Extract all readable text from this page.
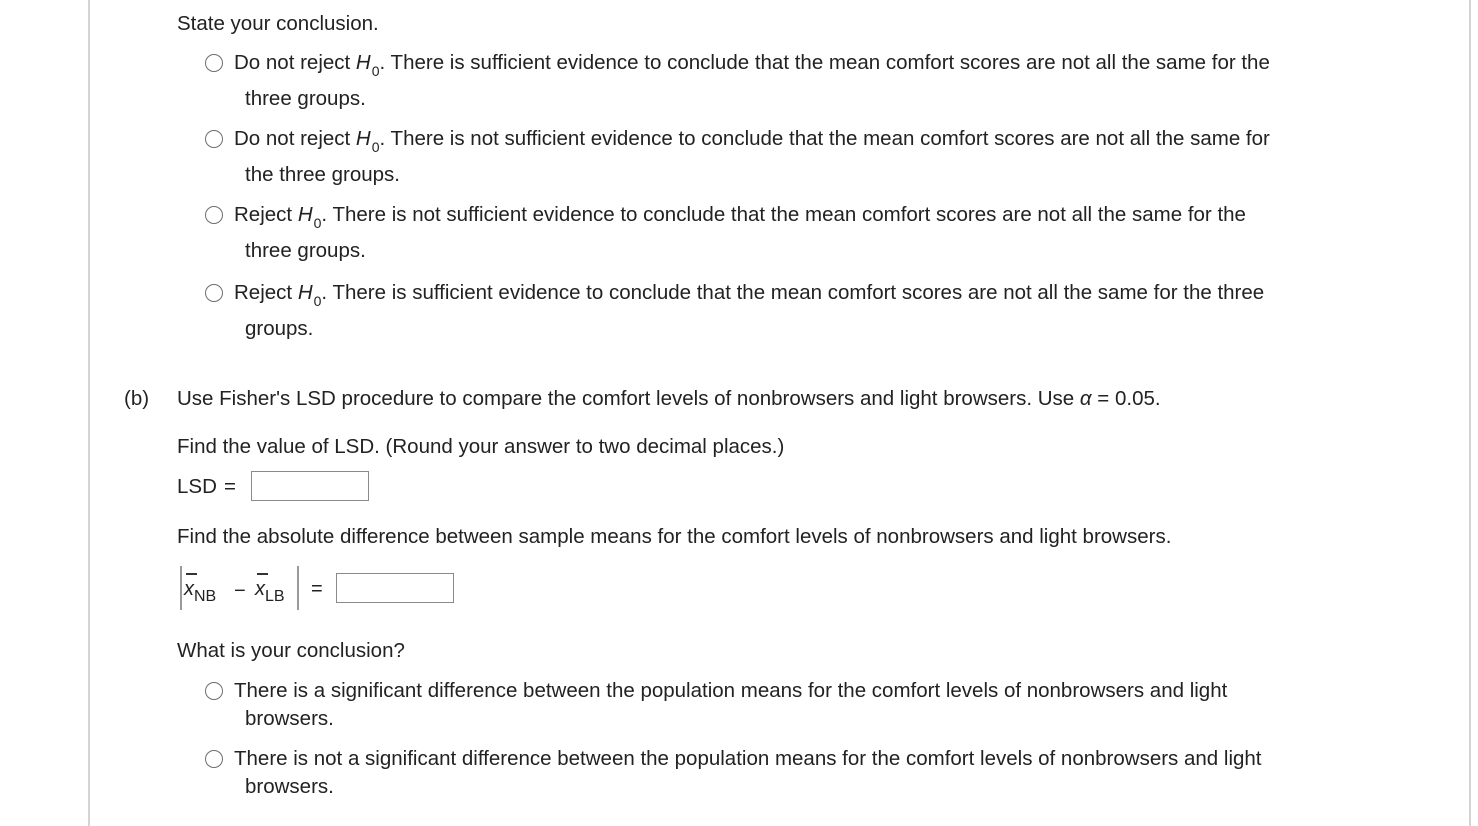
State your conclusion.
Do not reject $H_0$. There is sufficient evidence to conclude that the mean comfort scores are not all the same for the
three groups.
Do not reject $H_0$. There is not sufficient evidence to conclude that the mean comfort scores are not all the same for
the three groups.
Reject $H_0$. There is not sufficient evidence to conclude that the mean comfort scores are not all the same for the
three groups.
Reject $H_0$. There is sufficient evidence to conclude that the mean comfort scores are not all the same for the three
groups.
(b) Use Fisher's LSD procedure to compare the comfort levels of nonbrowsers and light browsers. Use α = 0.05.
Find the value of LSD. (Round your answer to two decimal places.)
LSD =
Find the absolute difference between sample means for the comfort levels of nonbrowsers and light browsers.
$x_{NB} - x_{LB}$ =
What is your conclusion?
There is a significant difference between the population means for the comfort levels of nonbrowsers and light
browsers.
There is not a significant difference between the population means for the comfort levels of nonbrowsers and light
browsers.
